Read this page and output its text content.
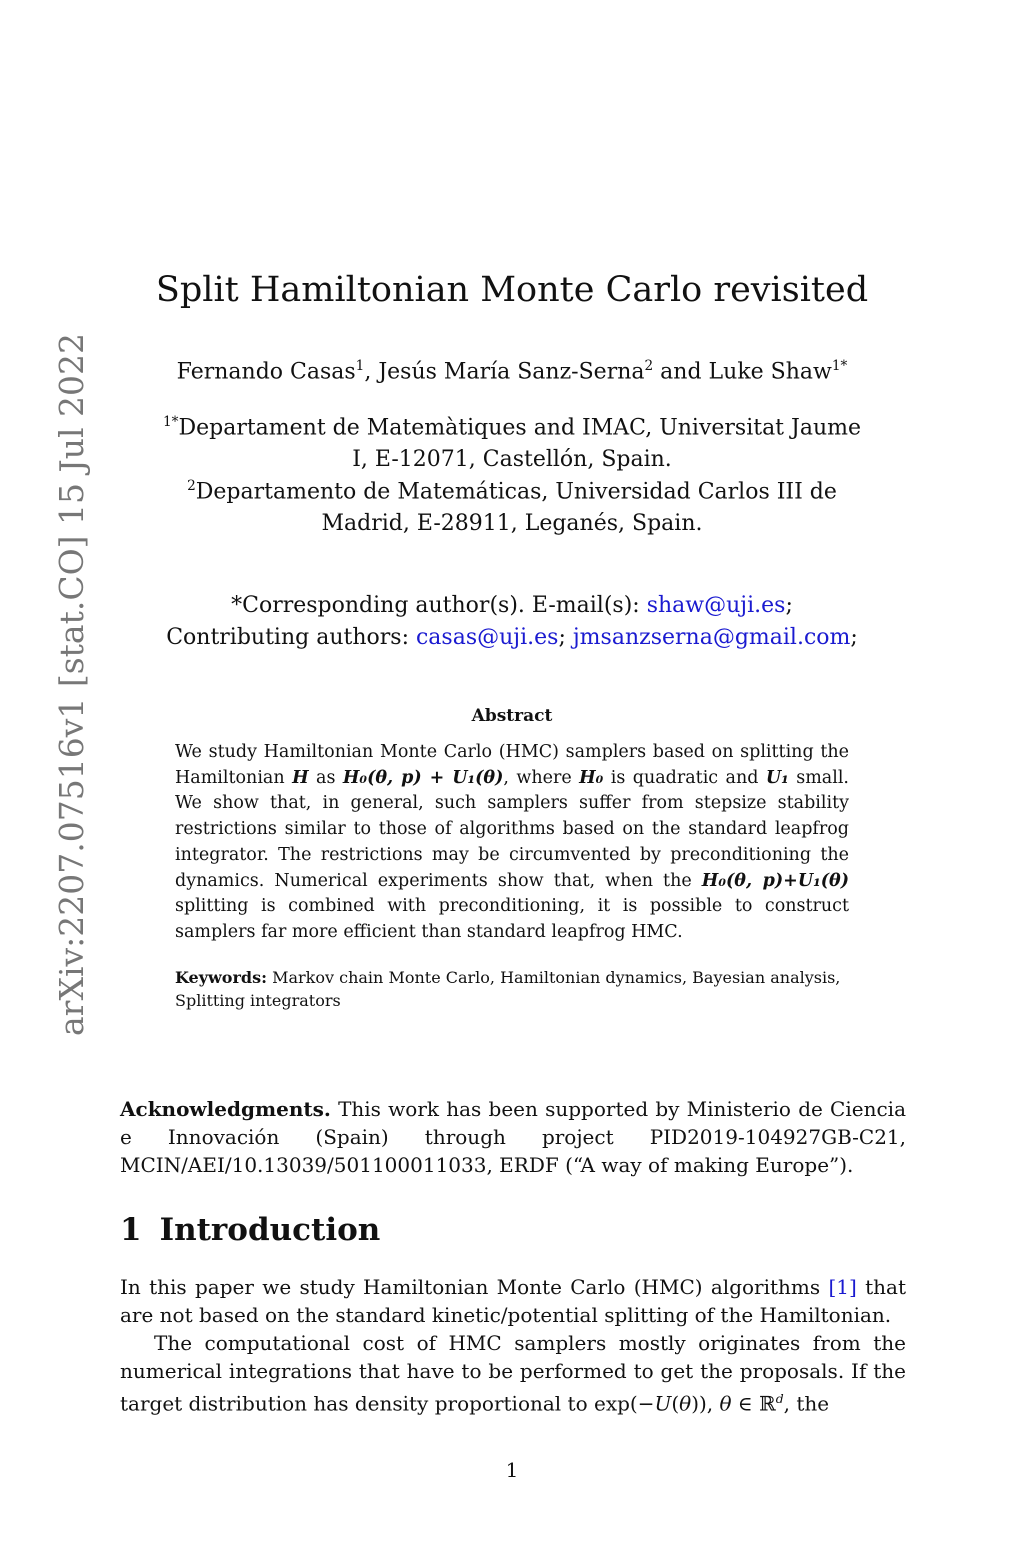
arXiv:2207.07516v1 [stat.CO] 15 Jul 2022
Split Hamiltonian Monte Carlo revisited
Fernando Casas$^1$, Jesús María Sanz-Serna$^2$ and Luke Shaw$^{1*}$
$^{1*}$Departament de Matemàtiques and IMAC, Universitat Jaume
I, E-12071, Castellón, Spain.
$^2$Departamento de Matemáticas, Universidad Carlos III de
Madrid, E-28911, Leganés, Spain.
*Corresponding author(s). E-mail(s): shaw@uji.es;
Contributing authors: casas@uji.es; jmsanzserna@gmail.com;
Abstract
We study Hamiltonian Monte Carlo (HMC) samplers based on splitting the Hamiltonian H as H₀(θ, p) + U₁(θ), where H₀ is quadratic and U₁ small. We show that, in general, such samplers suffer from stepsize stability restrictions similar to those of algorithms based on the standard leapfrog integrator. The restrictions may be circumvented by preconditioning the dynamics. Numerical experiments show that, when the H₀(θ, p)+U₁(θ) splitting is combined with preconditioning, it is possible to construct samplers far more efficient than standard leapfrog HMC.
Keywords: Markov chain Monte Carlo, Hamiltonian dynamics, Bayesian analysis, Splitting integrators
Acknowledgments. This work has been supported by Ministerio de Ciencia e Innovación (Spain) through project PID2019-104927GB-C21, MCIN/AEI/10.13039/501100011033, ERDF (“A way of making Europe”).
1 Introduction
In this paper we study Hamiltonian Monte Carlo (HMC) algorithms [1] that are not based on the standard kinetic/potential splitting of the Hamiltonian.
The computational cost of HMC samplers mostly originates from the numerical integrations that have to be performed to get the proposals. If the target distribution has density proportional to exp(−U(θ)), θ ∈ ℝ$^d$, the
1
